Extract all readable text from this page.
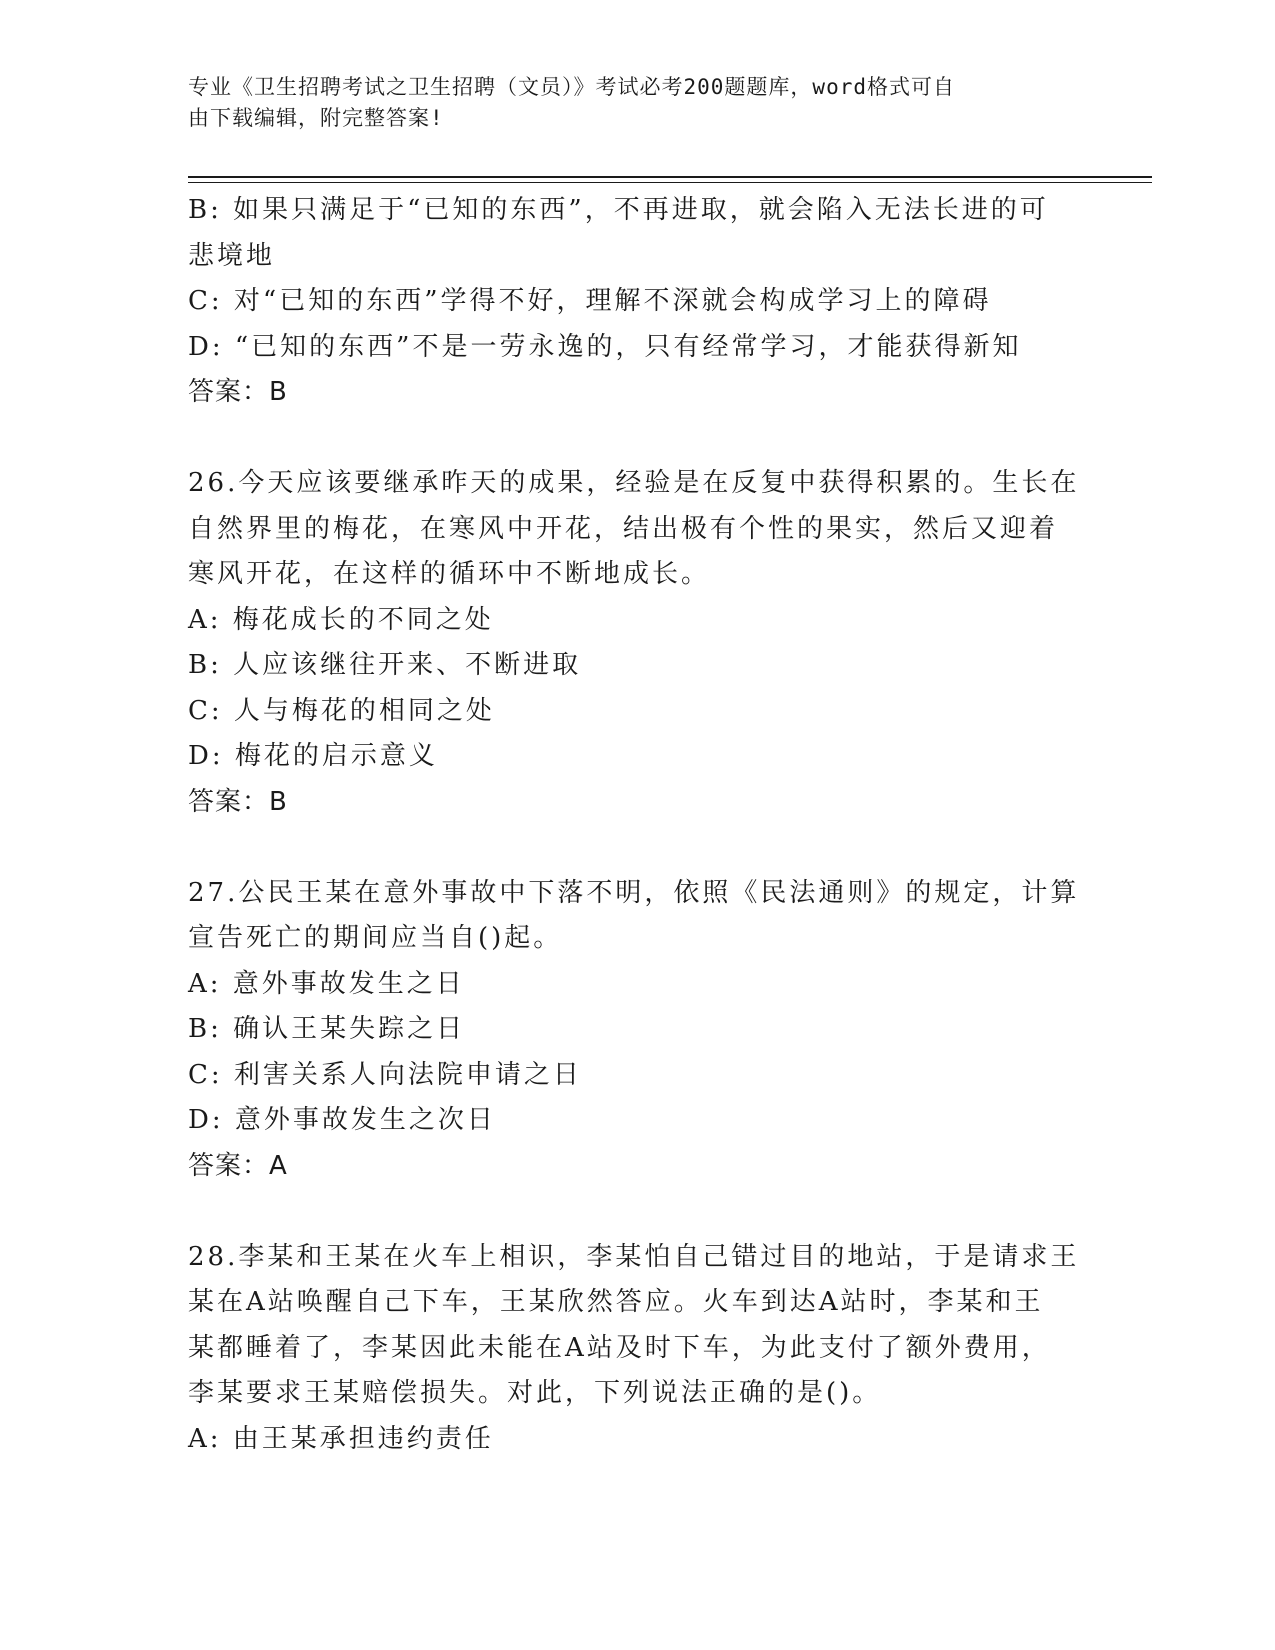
专业《卫生招聘考试之卫生招聘（文员）》考试必考200题题库，word格式可自
由下载编辑，附完整答案!
B: 如果只满足于“已知的东西”，不再进取，就会陷入无法长进的可
悲境地
C: 对“已知的东西”学得不好，理解不深就会构成学习上的障碍
D: “已知的东西”不是一劳永逸的，只有经常学习，才能获得新知
答案：B
26.今天应该要继承昨天的成果，经验是在反复中获得积累的。生长在
自然界里的梅花，在寒风中开花，结出极有个性的果实，然后又迎着
寒风开花，在这样的循环中不断地成长。
A: 梅花成长的不同之处
B: 人应该继往开来、不断进取
C: 人与梅花的相同之处
D: 梅花的启示意义
答案：B
27.公民王某在意外事故中下落不明，依照《民法通则》的规定，计算
宣告死亡的期间应当自()起。
A: 意外事故发生之日
B: 确认王某失踪之日
C: 利害关系人向法院申请之日
D: 意外事故发生之次日
答案：A
28.李某和王某在火车上相识，李某怕自己错过目的地站，于是请求王
某在A站唤醒自己下车，王某欣然答应。火车到达A站时，李某和王
某都睡着了，李某因此未能在A站及时下车，为此支付了额外费用，
李某要求王某赔偿损失。对此，下列说法正确的是()。
A: 由王某承担违约责任
